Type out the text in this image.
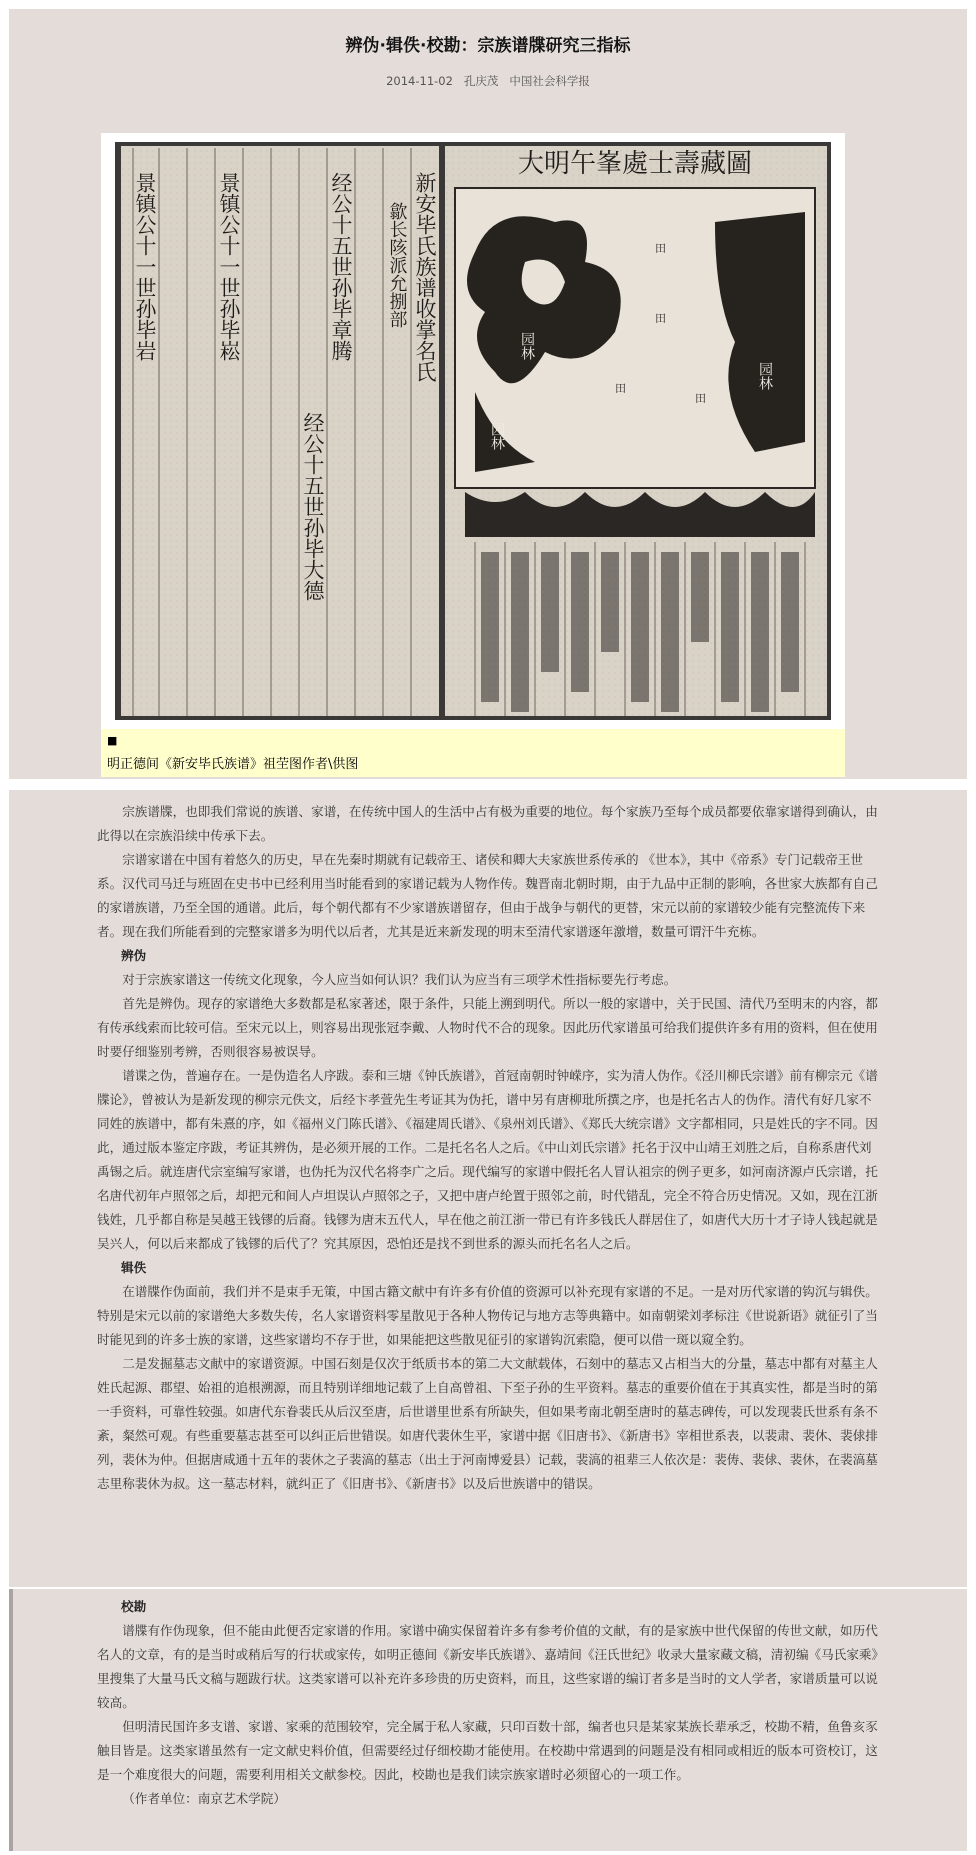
辨伪·辑佚·校勘：宗族谱牒研究三指标
2014-11-02 孔庆茂 中国社会科学报
新安毕氏族谱收掌名氏
歙长陔派允捌部
经公十五世孙毕章腾
经公十五世孙毕大德
景镇公十一世孙毕崧
景镇公十一世孙毕岩
大明午峯處士壽藏圖
园林
园林
园林
田
田
田
田
■
明正德间《新安毕氏族谱》祖茔图作者\供图

宗族谱牒，也即我们常说的族谱、家谱，在传统中国人的生活中占有极为重要的地位。每个家族乃至每个成员都要依靠家谱得到确认，由此得以在宗族沿续中传承下去。

宗谱家谱在中国有着悠久的历史，早在先秦时期就有记载帝王、诸侯和卿大夫家族世系传承的 《世本》，其中《帝系》专门记载帝王世系。汉代司马迁与班固在史书中已经利用当时能看到的家谱记载为人物作传。魏晋南北朝时期，由于九品中正制的影响，各世家大族都有自己的家谱族谱，乃至全国的通谱。此后，每个朝代都有不少家谱族谱留存，但由于战争与朝代的更替，宋元以前的家谱较少能有完整流传下来者。现在我们所能看到的完整家谱多为明代以后者，尤其是近来新发现的明末至清代家谱逐年激增，数量可谓汗牛充栋。

辨伪

对于宗族家谱这一传统文化现象，今人应当如何认识？我们认为应当有三项学术性指标要先行考虑。

首先是辨伪。现存的家谱绝大多数都是私家著述，限于条件，只能上溯到明代。所以一般的家谱中，关于民国、清代乃至明末的内容，都有传承线索而比较可信。至宋元以上，则容易出现张冠李戴、人物时代不合的现象。因此历代家谱虽可给我们提供许多有用的资料，但在使用时要仔细鉴别考辨，否则很容易被误导。

谱谍之伪，普遍存在。一是伪造名人序跋。泰和三塘《钟氏族谱》，首冠南朝时钟嵘序，实为清人伪作。《泾川柳氏宗谱》前有柳宗元《谱牒论》，曾被认为是新发现的柳宗元佚文，后经卞孝萱先生考证其为伪托，谱中另有唐柳玭所撰之序，也是托名古人的伪作。清代有好几家不同姓的族谱中，都有朱熹的序，如《福州义门陈氏谱》、《福建周氏谱》、《泉州刘氏谱》、《郑氏大统宗谱》文字都相同，只是姓氏的字不同。因此，通过版本鉴定序跋，考证其辨伪，是必须开展的工作。二是托名名人之后。《中山刘氏宗谱》托名于汉中山靖王刘胜之后，自称系唐代刘禹锡之后。就连唐代宗室编写家谱，也伪托为汉代名将李广之后。现代编写的家谱中假托名人冒认祖宗的例子更多，如河南济源卢氏宗谱，托名唐代初年卢照邻之后，却把元和间人卢坦误认卢照邻之子，又把中唐卢纶置于照邻之前，时代错乱，完全不符合历史情况。又如，现在江浙钱姓，几乎都自称是吴越王钱镠的后裔。钱镠为唐末五代人，早在他之前江浙一带已有许多钱氏人群居住了，如唐代大历十才子诗人钱起就是吴兴人，何以后来都成了钱镠的后代了？究其原因，恐怕还是找不到世系的源头而托名名人之后。

辑佚

在谱牒作伪面前，我们并不是束手无策，中国古籍文献中有许多有价值的资源可以补充现有家谱的不足。一是对历代家谱的钩沉与辑佚。特别是宋元以前的家谱绝大多数失传，名人家谱资料零星散见于各种人物传记与地方志等典籍中。如南朝梁刘孝标注《世说新语》就征引了当时能见到的许多士族的家谱，这些家谱均不存于世，如果能把这些散见征引的家谱钩沉索隐，便可以借一斑以窥全豹。

二是发掘墓志文献中的家谱资源。中国石刻是仅次于纸质书本的第二大文献载体，石刻中的墓志又占相当大的分量，墓志中都有对墓主人姓氏起源、郡望、始祖的追根溯源，而且特别详细地记载了上自高曾祖、下至子孙的生平资料。墓志的重要价值在于其真实性，都是当时的第一手资料，可靠性较强。如唐代东眷裴氏从后汉至唐，后世谱里世系有所缺失，但如果考南北朝至唐时的墓志碑传，可以发现裴氏世系有条不紊，粲然可观。有些重要墓志甚至可以纠正后世错误。如唐代裴休生平，家谱中据《旧唐书》、《新唐书》宰相世系表，以裴肃、裴休、裴俅排列，裴休为仲。但据唐咸通十五年的裴休之子裴滈的墓志（出土于河南博爱县）记载，裴滈的祖辈三人依次是：裴俦、裴俅、裴休，在裴滈墓志里称裴休为叔。这一墓志材料，就纠正了《旧唐书》、《新唐书》以及后世族谱中的错误。

校勘

谱牒有作伪现象，但不能由此便否定家谱的作用。家谱中确实保留着许多有参考价值的文献，有的是家族中世代保留的传世文献，如历代名人的文章，有的是当时或稍后写的行状或家传，如明正德间《新安毕氏族谱》、嘉靖间《汪氏世纪》收录大量家藏文稿，清初编《马氏家乘》里搜集了大量马氏文稿与题跋行状。这类家谱可以补充许多珍贵的历史资料，而且，这些家谱的编订者多是当时的文人学者，家谱质量可以说较高。

但明清民国许多支谱、家谱、家乘的范围较窄，完全属于私人家藏，只印百数十部，编者也只是某家某族长辈承乏，校勘不精，鱼鲁亥豕触目皆是。这类家谱虽然有一定文献史料价值，但需要经过仔细校勘才能使用。在校勘中常遇到的问题是没有相同或相近的版本可资校订，这是一个难度很大的问题，需要利用相关文献参校。因此，校勘也是我们读宗族家谱时必须留心的一项工作。

（作者单位：南京艺术学院）
